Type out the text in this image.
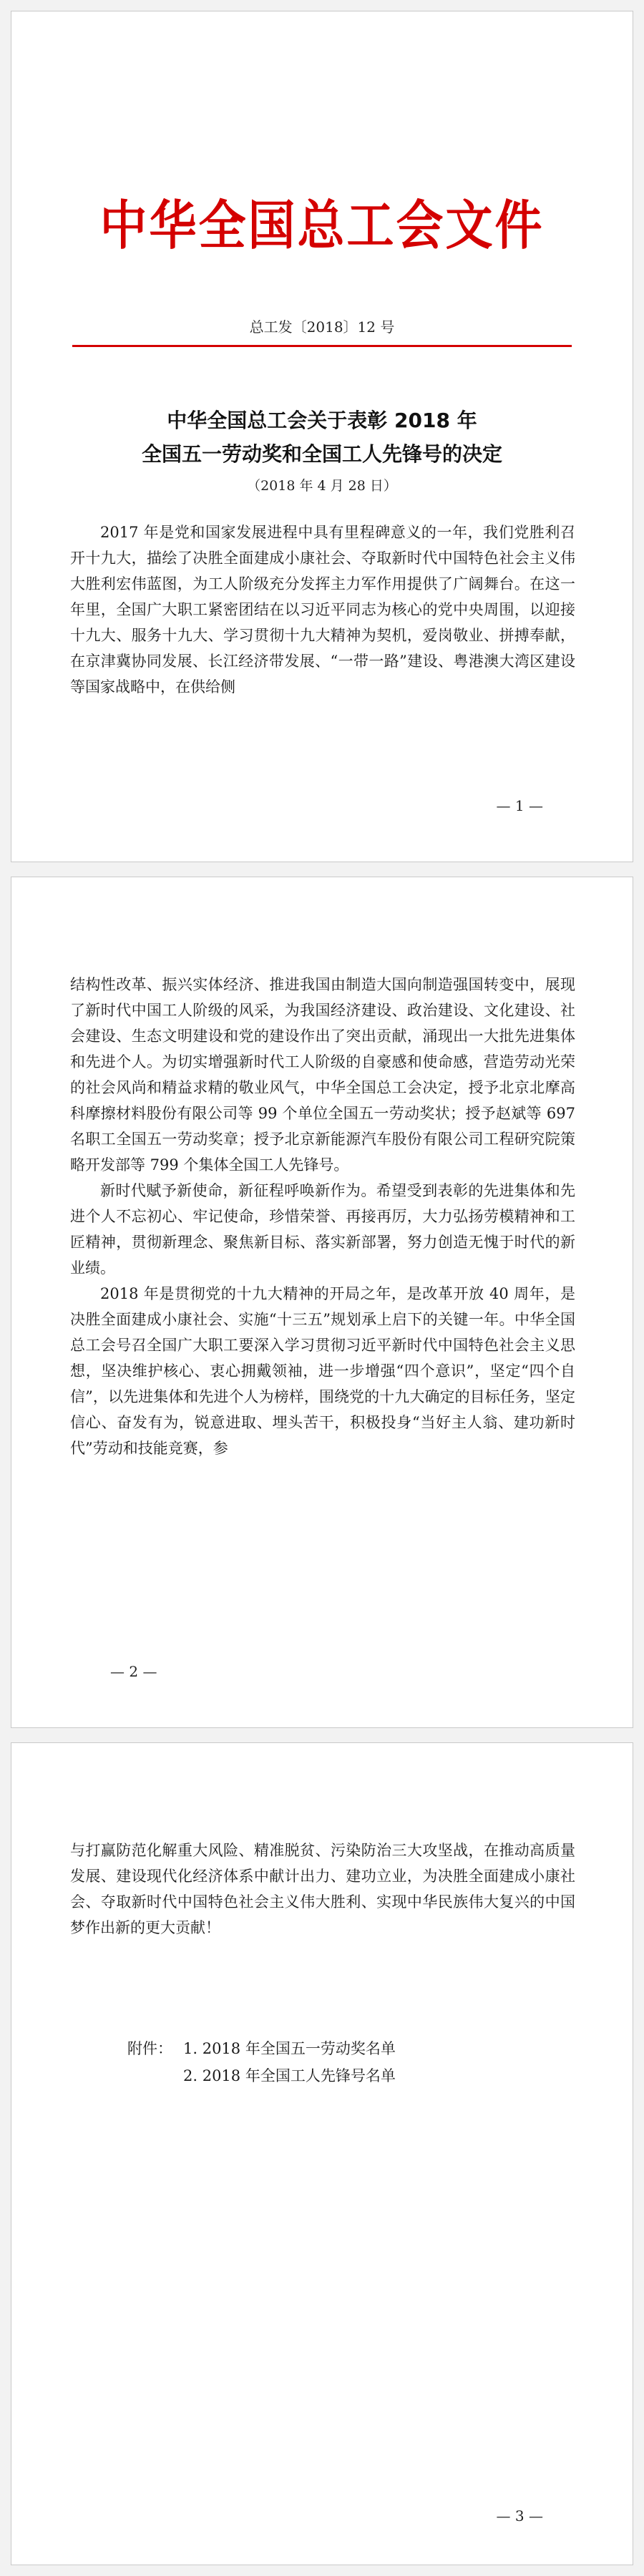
中华全国总工会文件
总工发〔2018〕12 号
中华全国总工会关于表彰 2018 年
全国五一劳动奖和全国工人先锋号的决定
（2018 年 4 月 28 日）

2017 年是党和国家发展进程中具有里程碑意义的一年，我们党胜利召开十九大，描绘了决胜全面建成小康社会、夺取新时代中国特色社会主义伟大胜利宏伟蓝图，为工人阶级充分发挥主力军作用提供了广阔舞台。在这一年里，全国广大职工紧密团结在以习近平同志为核心的党中央周围，以迎接十九大、服务十九大、学习贯彻十九大精神为契机，爱岗敬业、拼搏奉献，在京津冀协同发展、长江经济带发展、“一带一路”建设、粤港澳大湾区建设等国家战略中，在供给侧

— 1 —

结构性改革、振兴实体经济、推进我国由制造大国向制造强国转变中，展现了新时代中国工人阶级的风采，为我国经济建设、政治建设、文化建设、社会建设、生态文明建设和党的建设作出了突出贡献，涌现出一大批先进集体和先进个人。为切实增强新时代工人阶级的自豪感和使命感，营造劳动光荣的社会风尚和精益求精的敬业风气，中华全国总工会决定，授予北京北摩高科摩擦材料股份有限公司等 99 个单位全国五一劳动奖状；授予赵斌等 697 名职工全国五一劳动奖章；授予北京新能源汽车股份有限公司工程研究院策略开发部等 799 个集体全国工人先锋号。

新时代赋予新使命，新征程呼唤新作为。希望受到表彰的先进集体和先进个人不忘初心、牢记使命，珍惜荣誉、再接再厉，大力弘扬劳模精神和工匠精神，贯彻新理念、聚焦新目标、落实新部署，努力创造无愧于时代的新业绩。

2018 年是贯彻党的十九大精神的开局之年，是改革开放 40 周年，是决胜全面建成小康社会、实施“十三五”规划承上启下的关键一年。中华全国总工会号召全国广大职工要深入学习贯彻习近平新时代中国特色社会主义思想，坚决维护核心、衷心拥戴领袖，进一步增强“四个意识”，坚定“四个自信”，以先进集体和先进个人为榜样，围绕党的十九大确定的目标任务，坚定信心、奋发有为，锐意进取、埋头苦干，积极投身“当好主人翁、建功新时代”劳动和技能竞赛，参

— 2 —

与打赢防范化解重大风险、精准脱贫、污染防治三大攻坚战，在推动高质量发展、建设现代化经济体系中献计出力、建功立业，为决胜全面建成小康社会、夺取新时代中国特色社会主义伟大胜利、实现中华民族伟大复兴的中国梦作出新的更大贡献！

附件： 1. 2018 年全国五一劳动奖名单
2. 2018 年全国工人先锋号名单
— 3 —
